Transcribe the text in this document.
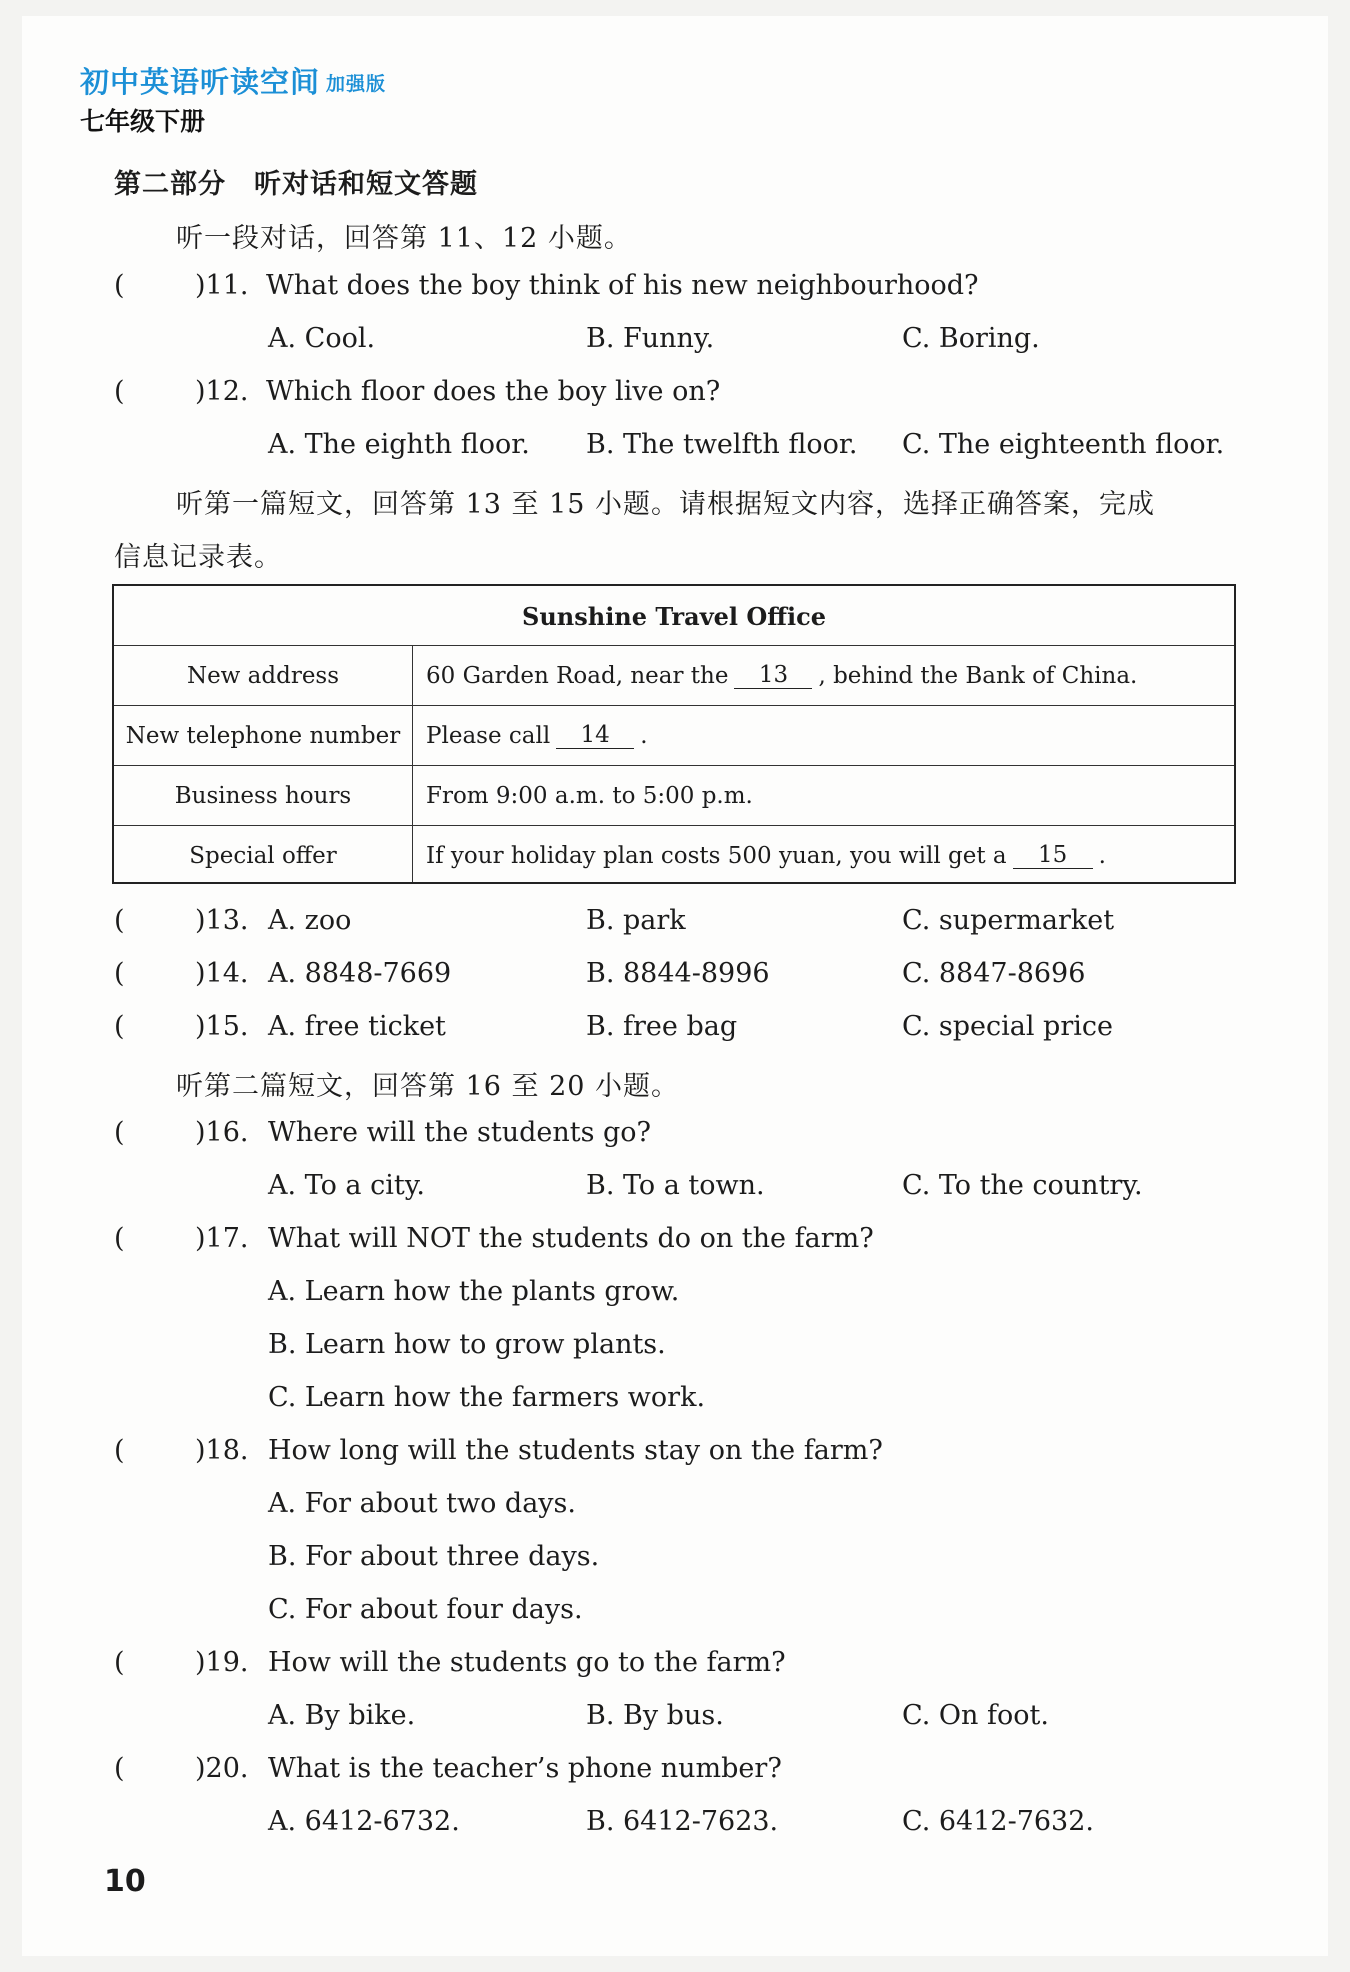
初中英语听读空间 加强版
七年级下册
第二部分　听对话和短文答题
听一段对话，回答第 11、12 小题。
(	)11. What does the boy think of his new neighbourhood?
A. Cool.	B. Funny.	C. Boring.
(	)12. Which floor does the boy live on?
A. The eighth floor. B. The twelfth floor. C. The eighteenth floor.
听第一篇短文，回答第 13 至 15 小题。请根据短文内容，选择正确答案，完成
信息记录表。
Sunshine Travel Office
New address	60 Garden Road, near the	13	, behind the Bank of China.
New telephone number	Please call	14	.
Business hours	From 9:00 a.m. to 5:00 p.m.
Special offer	If your holiday plan costs 500 yuan, you will get a	15	.
(	)13. A. zoo	B. park	C. supermarket
(	)14. A. 8848-7669	B. 8844-8996	C. 8847-8696
(	)15. A. free ticket	B. free bag	C. special price
听第二篇短文，回答第 16 至 20 小题。
(	)16. Where will the students go?
A. To a city.	B. To a town.	C. To the country.
(	)17. What will NOT the students do on the farm?
A. Learn how the plants grow.
B. Learn how to grow plants.
C. Learn how the farmers work.
(	)18. How long will the students stay on the farm?
A. For about two days.
B. For about three days.
C. For about four days.
(	)19. How will the students go to the farm?
A. By bike.	B. By bus.	C. On foot.
(	)20. What is the teacher’s phone number?
A. 6412-6732.	B. 6412-7623.	C. 6412-7632.
10
